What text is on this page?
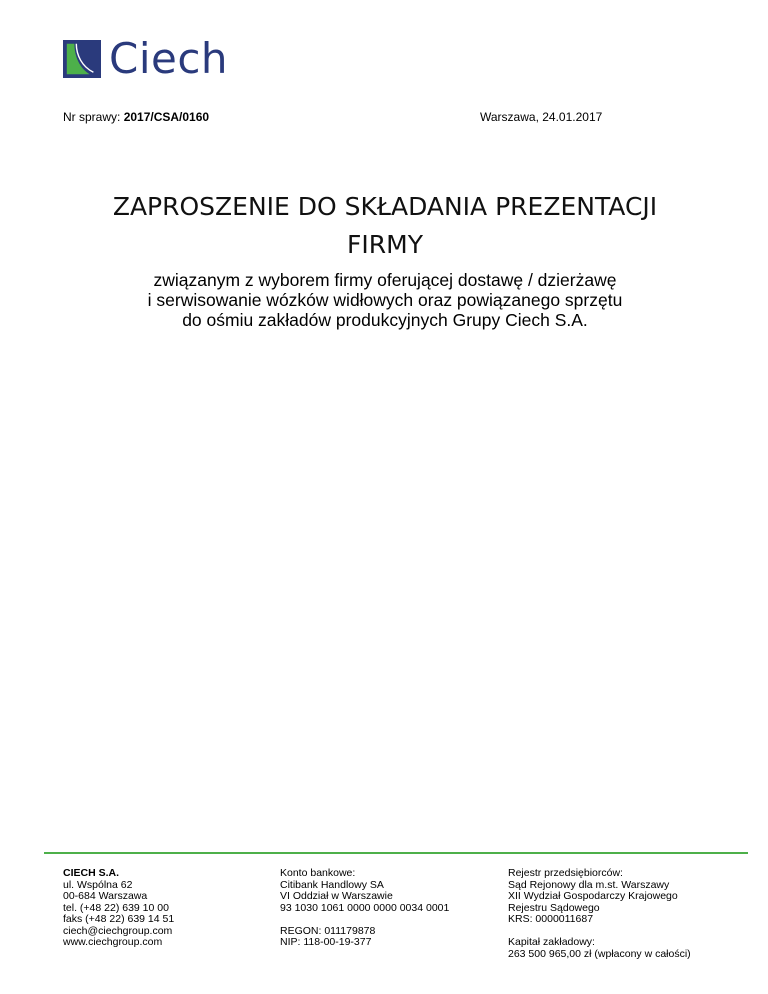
Ciech
Nr sprawy: 2017/CSA/0160	Warszawa, 24.01.2017
ZAPROSZENIE DO SKŁADANIA PREZENTACJI
FIRMY
związanym z wyborem firmy oferującej dostawę / dzierżawę
i serwisowanie wózków widłowych oraz powiązanego sprzętu
do ośmiu zakładów produkcyjnych Grupy Ciech S.A.
CIECH S.A.
ul. Wspólna 62
00-684 Warszawa
tel. (+48 22) 639 10 00
faks (+48 22) 639 14 51
ciech@ciechgroup.com
www.ciechgroup.com
Konto bankowe:
Citibank Handlowy SA
VI Oddział w Warszawie
93 1030 1061 0000 0000 0034 0001
REGON: 011179878
NIP: 118-00-19-377
Rejestr przedsiębiorców:
Sąd Rejonowy dla m.st. Warszawy
XII Wydział Gospodarczy Krajowego
Rejestru Sądowego
KRS: 0000011687
Kapitał zakładowy:
263 500 965,00 zł (wpłacony w całości)
